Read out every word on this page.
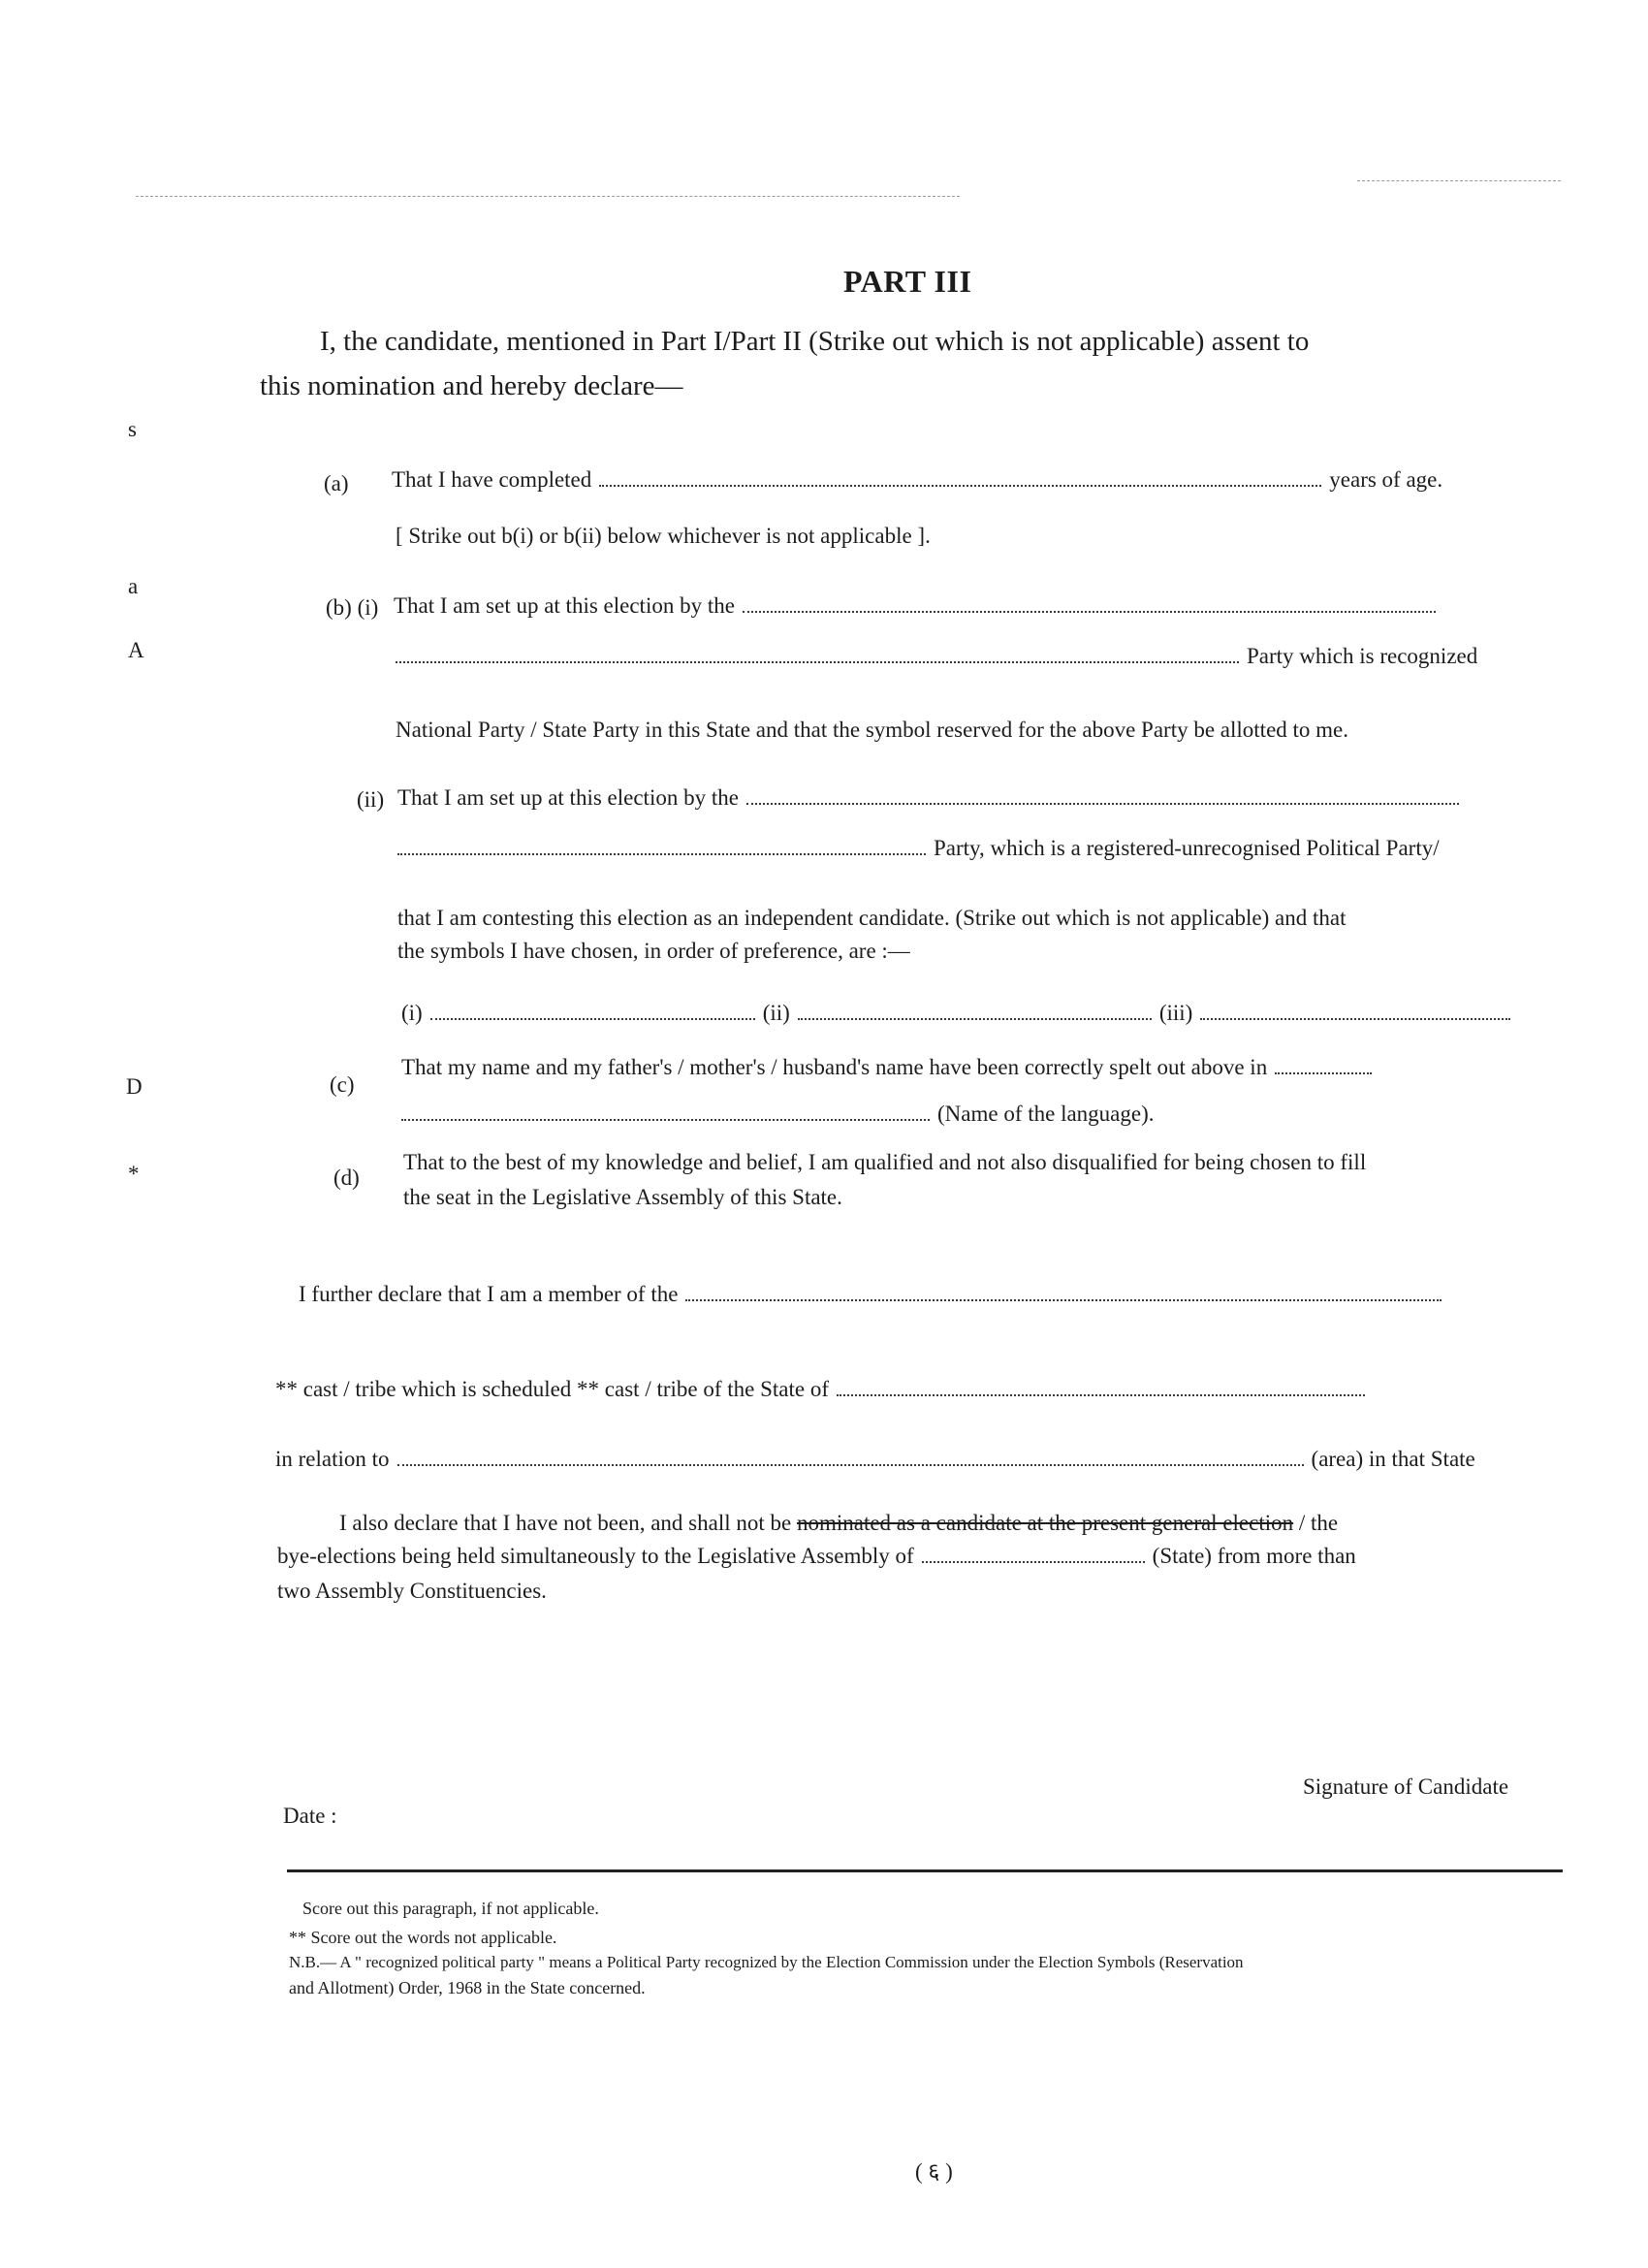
s
a
A
D
*
PART III
I, the candidate, mentioned in Part I/Part II (Strike out which is not applicable) assent to
this nomination and hereby declare—
(a) That I have completed	years of age.
[ Strike out b(i) or b(ii) below whichever is not applicable ].
(b) (i) That I am set up at this election by the
Party which is recognized
National Party / State Party in this State and that the symbol reserved for the above Party be allotted to me.
(ii) That I am set up at this election by the
Party, which is a registered-unrecognised Political Party/
that I am contesting this election as an independent candidate. (Strike out which is not applicable) and that
the symbols I have chosen, in order of preference, are :—
(i)	(ii)	(iii)
(c)
That my name and my father's / mother's / husband's name have been correctly spelt out above in
(Name of the language).
(d)
That to the best of my knowledge and belief, I am qualified and not also disqualified for being chosen to fill
the seat in the Legislative Assembly of this State.
I further declare that I am a member of the
** cast / tribe which is scheduled ** cast / tribe of the State of
in relation to	(area) in that State
I also declare that I have not been, and shall not be nominated as a candidate at the present general election / the
bye-elections being held simultaneously to the Legislative Assembly of	(State) from more than
two Assembly Constituencies.
Signature of Candidate
Date :
Score out this paragraph, if not applicable.
** Score out the words not applicable.
N.B.— A " recognized political party " means a Political Party recognized by the Election Commission under the Election Symbols (Reservation
and Allotment) Order, 1968 in the State concerned.
( ६ )
